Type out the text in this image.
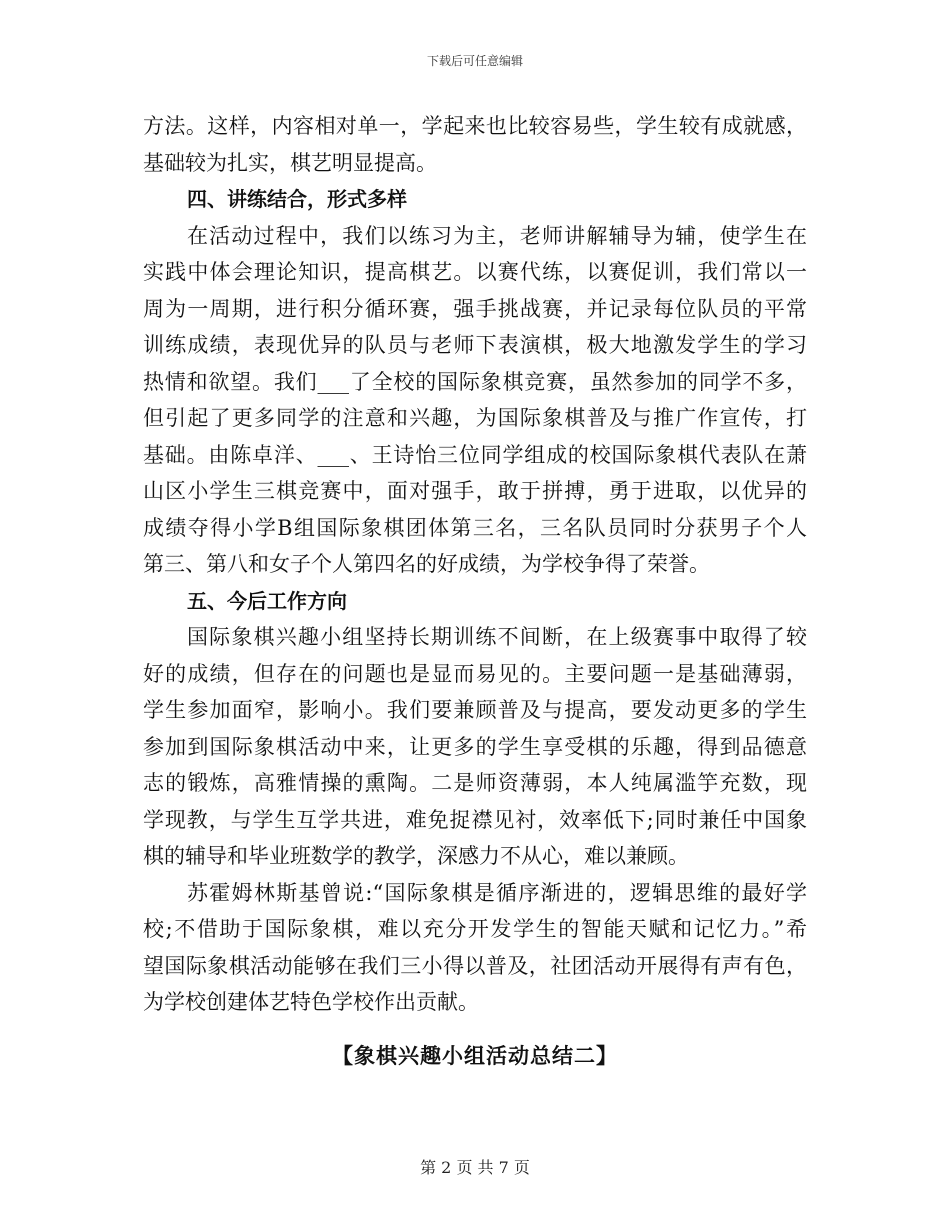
下载后可任意编辑
方法。这样，内容相对单一，学起来也比较容易些，学生较有成就感，
基础较为扎实，棋艺明显提高。
四、讲练结合，形式多样
在活动过程中，我们以练习为主，老师讲解辅导为辅，使学生在
实践中体会理论知识，提高棋艺。以赛代练，以赛促训，我们常以一
周为一周期，进行积分循环赛，强手挑战赛，并记录每位队员的平常
训练成绩，表现优异的队员与老师下表演棋，极大地激发学生的学习
热情和欲望。我们___了全校的国际象棋竞赛，虽然参加的同学不多，
但引起了更多同学的注意和兴趣，为国际象棋普及与推广作宣传，打
基础。由陈卓洋、___、王诗怡三位同学组成的校国际象棋代表队在萧
山区小学生三棋竞赛中，面对强手，敢于拼搏，勇于进取，以优异的
成绩夺得小学B组国际象棋团体第三名，三名队员同时分获男子个人
第三、第八和女子个人第四名的好成绩，为学校争得了荣誉。
五、今后工作方向
国际象棋兴趣小组坚持长期训练不间断，在上级赛事中取得了较
好的成绩，但存在的问题也是显而易见的。主要问题一是基础薄弱，
学生参加面窄，影响小。我们要兼顾普及与提高，要发动更多的学生
参加到国际象棋活动中来，让更多的学生享受棋的乐趣，得到品德意
志的锻炼，高雅情操的熏陶。二是师资薄弱，本人纯属滥竽充数，现
学现教，与学生互学共进，难免捉襟见衬，效率低下;同时兼任中国象
棋的辅导和毕业班数学的教学，深感力不从心，难以兼顾。
苏霍姆林斯基曾说:“国际象棋是循序渐进的，逻辑思维的最好学
校;不借助于国际象棋，难以充分开发学生的智能天赋和记忆力。”希
望国际象棋活动能够在我们三小得以普及，社团活动开展得有声有色，
为学校创建体艺特色学校作出贡献。
【象棋兴趣小组活动总结二】
第 2 页 共 7 页
